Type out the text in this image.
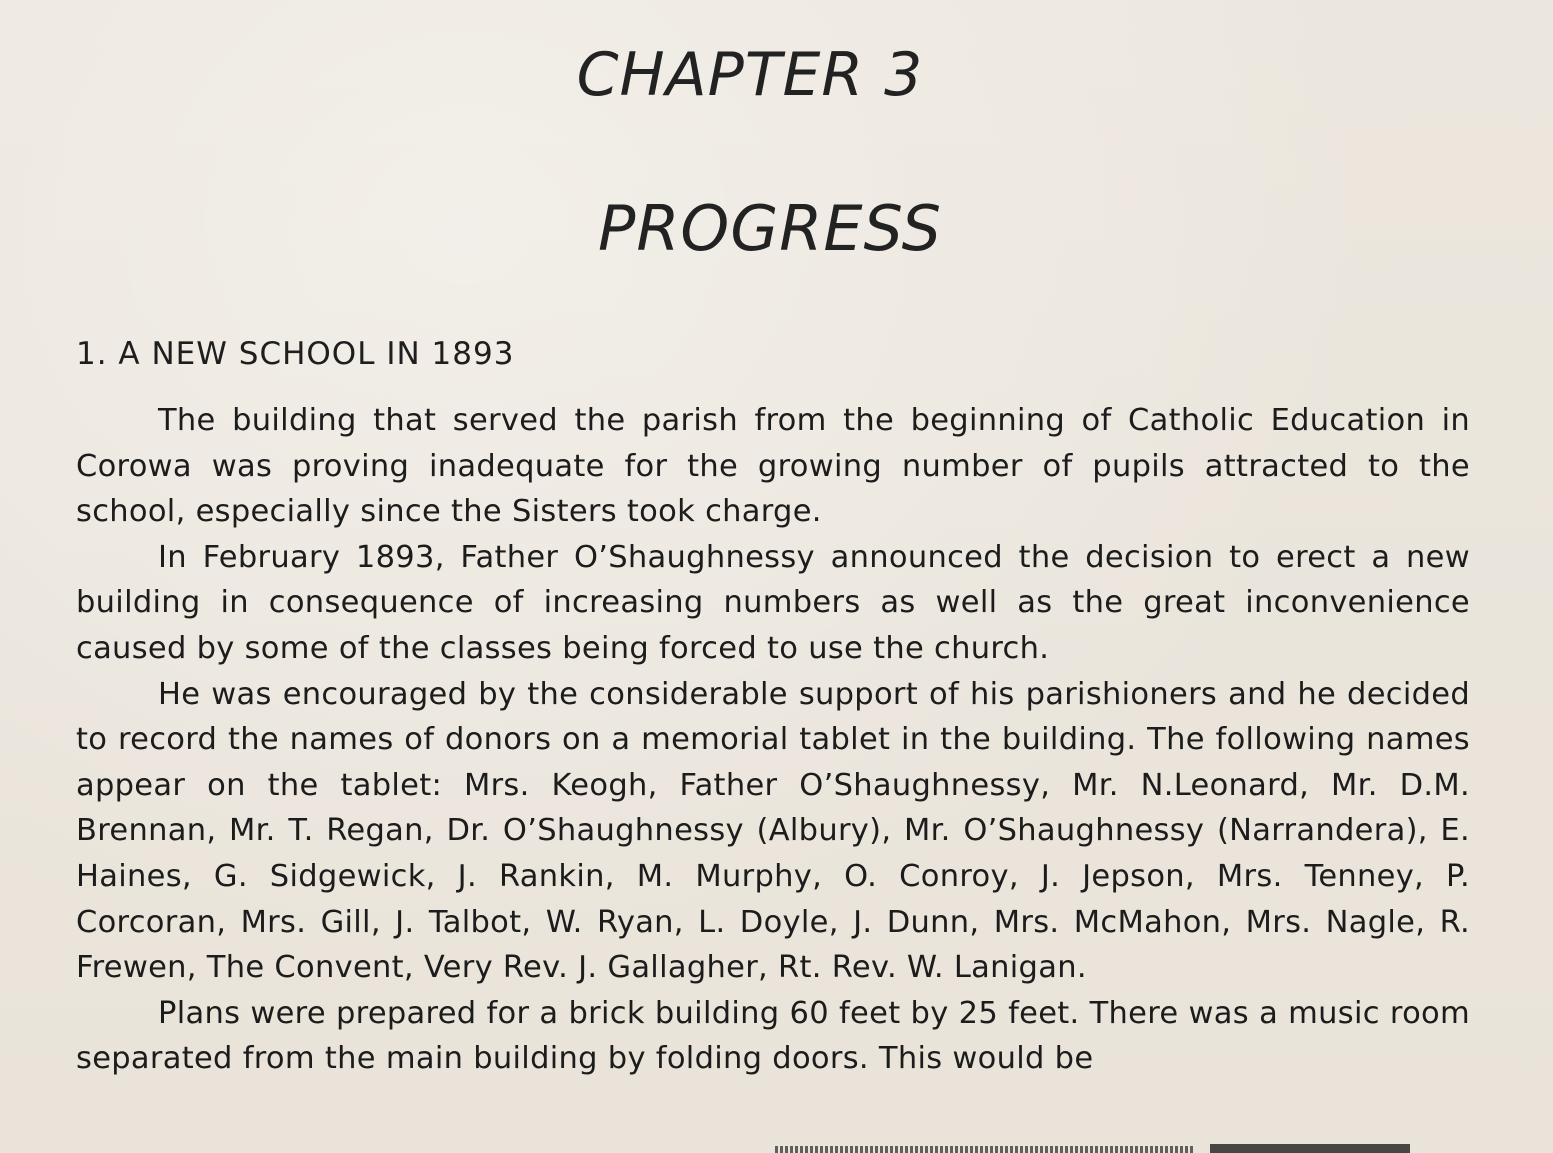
CHAPTER 3
PROGRESS
1. A NEW SCHOOL IN 1893

The building that served the parish from the beginning of Catholic Education in Corowa was proving inadequate for the growing number of pupils attracted to the school, especially since the Sisters took charge.

In February 1893, Father O’Shaughnessy announced the decision to erect a new building in consequence of increasing numbers as well as the great inconvenience caused by some of the classes being forced to use the church.

He was encouraged by the considerable support of his parishioners and he decided to record the names of donors on a memorial tablet in the building. The following names appear on the tablet: Mrs. Keogh, Father O’Shaughnessy, Mr. N.Leonard, Mr. D.M. Brennan, Mr. T. Regan, Dr. O’Shaughnessy (Albury), Mr. O’Shaughnessy (Narrandera), E. Haines, G. Sidgewick, J. Rankin, M. Murphy, O. Conroy, J. Jepson, Mrs. Tenney, P. Corcoran, Mrs. Gill, J. Talbot, W. Ryan, L. Doyle, J. Dunn, Mrs. McMahon, Mrs. Nagle, R. Frewen, The Convent, Very Rev. J. Gallagher, Rt. Rev. W. Lanigan.

Plans were prepared for a brick building 60 feet by 25 feet. There was a music room separated from the main building by folding doors. This would be
